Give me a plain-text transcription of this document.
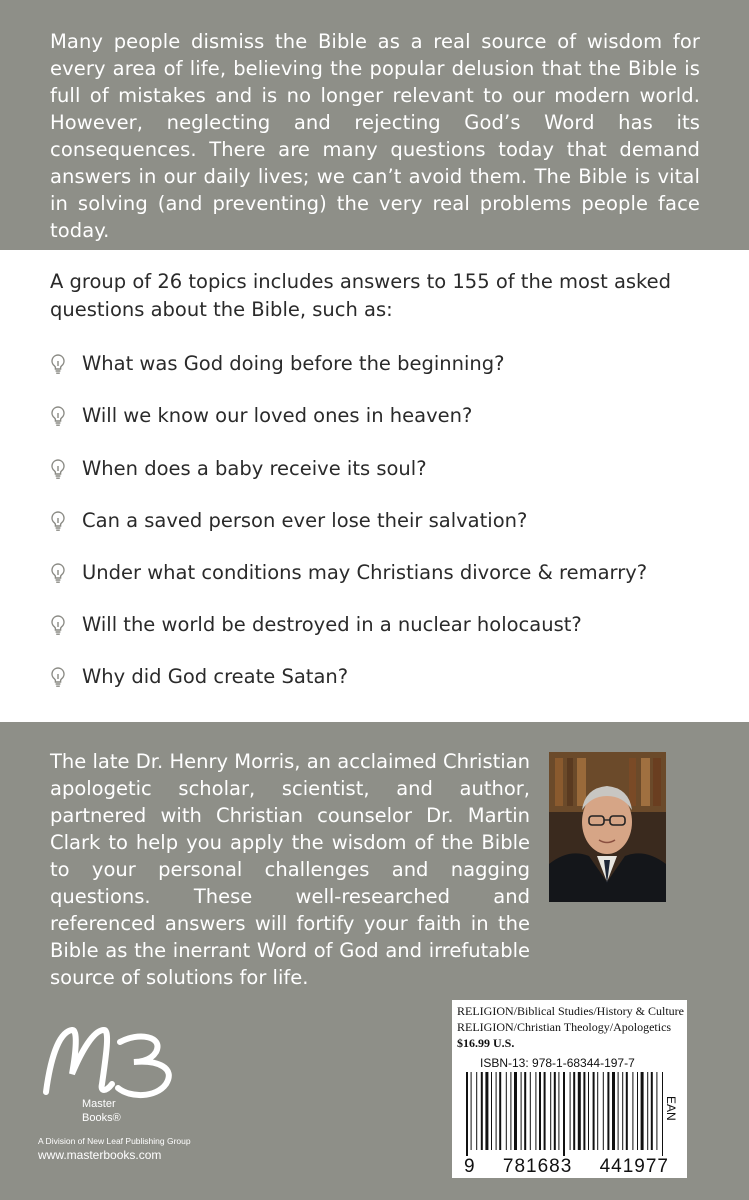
Many people dismiss the Bible as a real source of wisdom for every area of life, believing the popular delusion that the Bible is full of mistakes and is no longer relevant to our modern world. However, neglecting and rejecting God’s Word has its consequences. There are many questions today that demand answers in our daily lives; we can’t avoid them. The Bible is vital in solving (and preventing) the very real problems people face today.

A group of 26 topics includes answers to 155 of the most asked questions about the Bible, such as:

What was God doing before the beginning?
Will we know our loved ones in heaven?
When does a baby receive its soul?
Can a saved person ever lose their salvation?
Under what conditions may Christians divorce & remarry?
Will the world be destroyed in a nuclear holocaust?
Why did God create Satan?

The late Dr. Henry Morris, an acclaimed Christian apologetic scholar, scientist, and author, partnered with Christian counselor Dr. Martin Clark to help you apply the wisdom of the Bible to your personal challenges and nagging questions. These well-researched and referenced answers will fortify your faith in the Bible as the inerrant Word of God and irrefutable source of solutions for life.

Master
Books®
A Division of New Leaf Publishing Group
www.masterbooks.com
RELIGION/Biblical Studies/History & Culture
RELIGION/Christian Theology/Apologetics
$16.99 U.S.
ISBN-13: 978-1-68344-197-7
EAN
9 781683 441977
